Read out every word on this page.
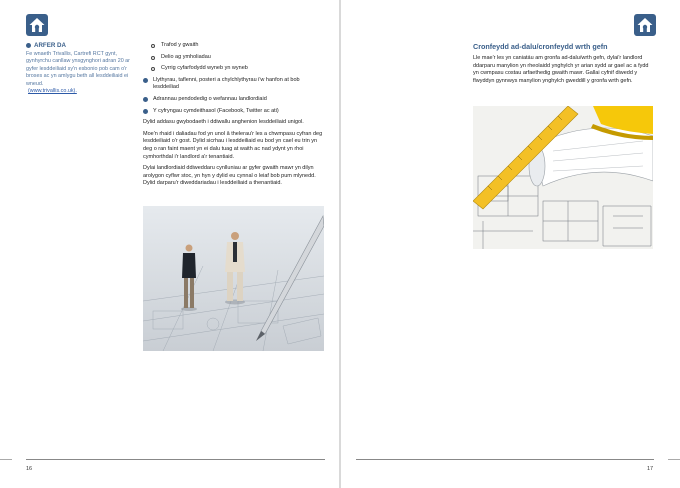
ARFER DA
Fe wnaeth Trivallis, Cartrefi RCT gynt, gynhyrchu canllaw ynsgynghori adran 20 ar gyfer lesddeiliaid sy'n esbonio pob cam o'r broses ac yn amlygu beth all lesddeiliaid ei wneud.
(www.trivallis.co.uk).
Trafod y gwaith
Delio ag ymholiadau
Cyrrig cyfarfodydd wyneb yn wyneb
Llythyrau, taflenni, posteri a chylchlythyrau i'w hanfon at bob lesddeiliad
Adrannau pendodedig o wefannau landlordiaid
Y cyfryngau cymdeithasol (Facebook, Twitter ac ati)

Dylid addasu gwybodaeth i ddiwallu anghenion lesddeiliaid unigol.

Moe'n rhaid i daliadau fod yn unol â thelerau'r les a chwmpasu cyfran deg lesddeiliaid o'r gost. Dylid sicrhau i lesddeiliaid eu bod yn cael eu trin yn deg o ran faint maent yn ei dalu tuag at waith ac nad ydynt yn rhoi cymhorthdal i'r landlord a'r tenantiaid.

Dylai landlordiaid ddiweddaru cynlluniau ar gyfer gwaith mawr yn dilyn arolygon cyflwr stoc, yn hyn y dylid eu cynnal o leiaf bob pum mlynedd. Dylid darparu'r diweddariadau i lesddeiliaid a thenantiaid.

16
Cronfeydd ad-dalu/cronfeydd wrth gefn
Lle mae'r les yn caniatáu am gronfa ad-dalu/wrth gefn, dylai'r landlord ddarparu manylion yn rheolaidd ynghylch yr arian sydd ar gael ac a fydd yn cwmpasu costau arfaethedig gwaith mawr. Gallai cyfnif diwedd y flwyddyn gynnwys manylion ynghylch gweddill y gronfa wrth gefn.
17
